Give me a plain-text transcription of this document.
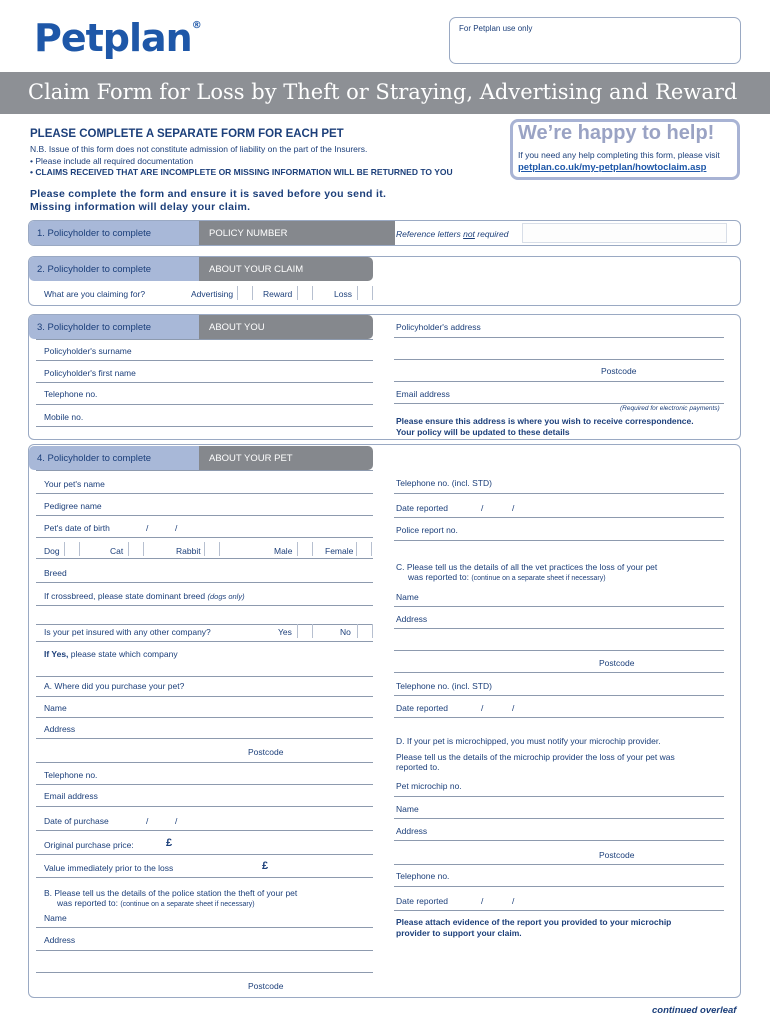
Petplan®	For Petplan use only
Claim Form for Loss by Theft or Straying, Advertising and Reward
PLEASE COMPLETE A SEPARATE FORM FOR EACH PET
N.B. Issue of this form does not constitute admission of liability on the part of the Insurers.
• Please include all required documentation
• CLAIMS RECEIVED THAT ARE INCOMPLETE OR MISSING INFORMATION WILL BE RETURNED TO YOU
We’re happy to help!
If you need any help completing this form, please visit
petplan.co.uk/my-petplan/howtoclaim.asp
Please complete the form and ensure it is saved before you send it.
Missing information will delay your claim.
1. Policyholder to complete	POLICY NUMBER	Reference letters not required
2. Policyholder to complete	ABOUT YOUR CLAIM
What are you claiming for?	Advertising	Reward	Loss
3. Policyholder to complete	ABOUT YOU
Policyholder's surname
Policyholder's first name
Telephone no.
Mobile no.
Policyholder's address
Postcode
Email address
(Required for electronic payments)
Please ensure this address is where you wish to receive correspondence.
Your policy will be updated to these details
4. Policyholder to complete	ABOUT YOUR PET
Your pet's name
Pedigree name
Pet's date of birth	/	/
Dog	Cat	Rabbit	Male	Female
Breed
If crossbreed, please state dominant breed (dogs only)
Is your pet insured with any other company?	Yes	No
If Yes, please state which company
A. Where did you purchase your pet?
Name
Address
Postcode
Telephone no.
Email address
Date of purchase	/	/
Original purchase price:	£
Value immediately prior to the loss	£
B. Please tell us the details of the police station the theft of your pet
was reported to: (continue on a separate sheet if necessary)
Name
Address
Postcode
Telephone no. (incl. STD)
Date reported	/	/
Police report no.
C. Please tell us the details of all the vet practices the loss of your pet
was reported to: (continue on a separate sheet if necessary)
Name
Address
Postcode
Telephone no. (incl. STD)
Date reported	/	/
D. If your pet is microchipped, you must notify your microchip provider.
Please tell us the details of the microchip provider the loss of your pet was
reported to.
Pet microchip no.
Name
Address
Postcode
Telephone no.
Date reported	/	/
Please attach evidence of the report you provided to your microchip
provider to support your claim.
continued overleaf
